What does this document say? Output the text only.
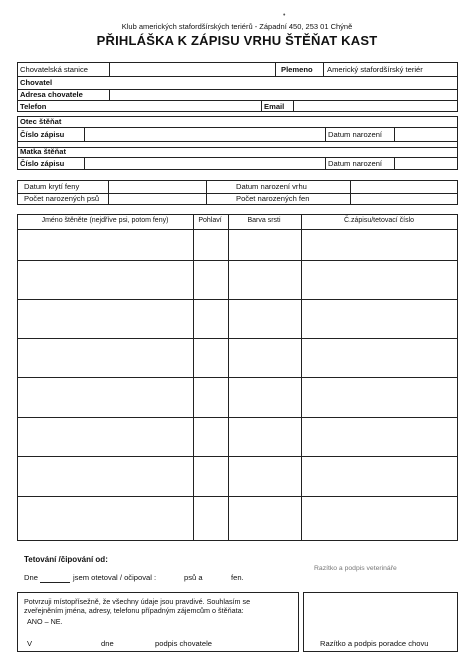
•
Klub amerických stafordšírských teriérů - Západní 450, 253 01 Chýně
PŘIHLÁŠKA K ZÁPISU VRHU ŠTĚŇAT KAST
Chovatelská stanice	Plemeno Americký stafordšírský teriér
Chovatel
Adresa chovatele
Telefon	Email
Otec štěňat
Číslo zápisu	Datum narození
Matka štěňat
Číslo zápisu	Datum narození
Datum krytí feny	Datum narození vrhu
Počet narozených psů	Počet narozených fen
Jméno štěněte (nejdříve psi, potom feny)	Pohlaví	Barva srsti	Č.zápisu/tetovací číslo
Tetování /čipování od:
Dne	jsem otetoval / očipoval :	psů a	fen.
Razítko a podpis veterináře
Potvrzuji místopřísežně, že všechny údaje jsou pravdivé. Souhlasím se zveřejněním jména, adresy, telefonu případným zájemcům o štěňata:
ANO – NE.
V	dne	podpis chovatele	Razítko a podpis poradce chovu
